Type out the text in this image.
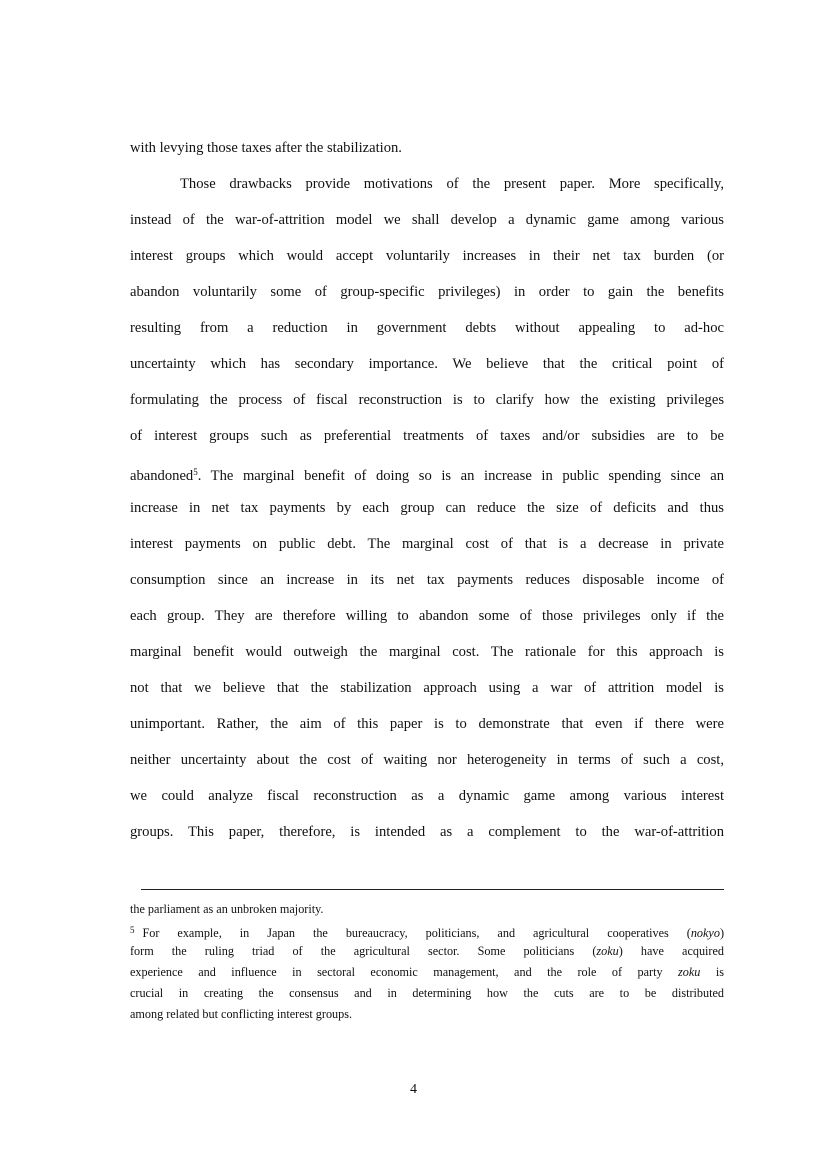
with levying those taxes after the stabilization.
Those drawbacks provide motivations of the present paper. More specifically,
instead of the war-of-attrition model we shall develop a dynamic game among various
interest groups which would accept voluntarily increases in their net tax burden (or
abandon voluntarily some of group-specific privileges) in order to gain the benefits
resulting from a reduction in government debts without appealing to ad-hoc
uncertainty which has secondary importance. We believe that the critical point of
formulating the process of fiscal reconstruction is to clarify how the existing privileges
of interest groups such as preferential treatments of taxes and/or subsidies are to be
abandoned$^5$. The marginal benefit of doing so is an increase in public spending since an
increase in net tax payments by each group can reduce the size of deficits and thus
interest payments on public debt. The marginal cost of that is a decrease in private
consumption since an increase in its net tax payments reduces disposable income of
each group. They are therefore willing to abandon some of those privileges only if the
marginal benefit would outweigh the marginal cost. The rationale for this approach is
not that we believe that the stabilization approach using a war of attrition model is
unimportant. Rather, the aim of this paper is to demonstrate that even if there were
neither uncertainty about the cost of waiting nor heterogeneity in terms of such a cost,
we could analyze fiscal reconstruction as a dynamic game among various interest
groups. This paper, therefore, is intended as a complement to the war-of-attrition
the parliament as an unbroken majority.
$^5$ For example, in Japan the bureaucracy, politicians, and agricultural cooperatives (nokyo)
form the ruling triad of the agricultural sector. Some politicians (zoku) have acquired
experience and influence in sectoral economic management, and the role of party zoku is
crucial in creating the consensus and in determining how the cuts are to be distributed
among related but conflicting interest groups.
4
